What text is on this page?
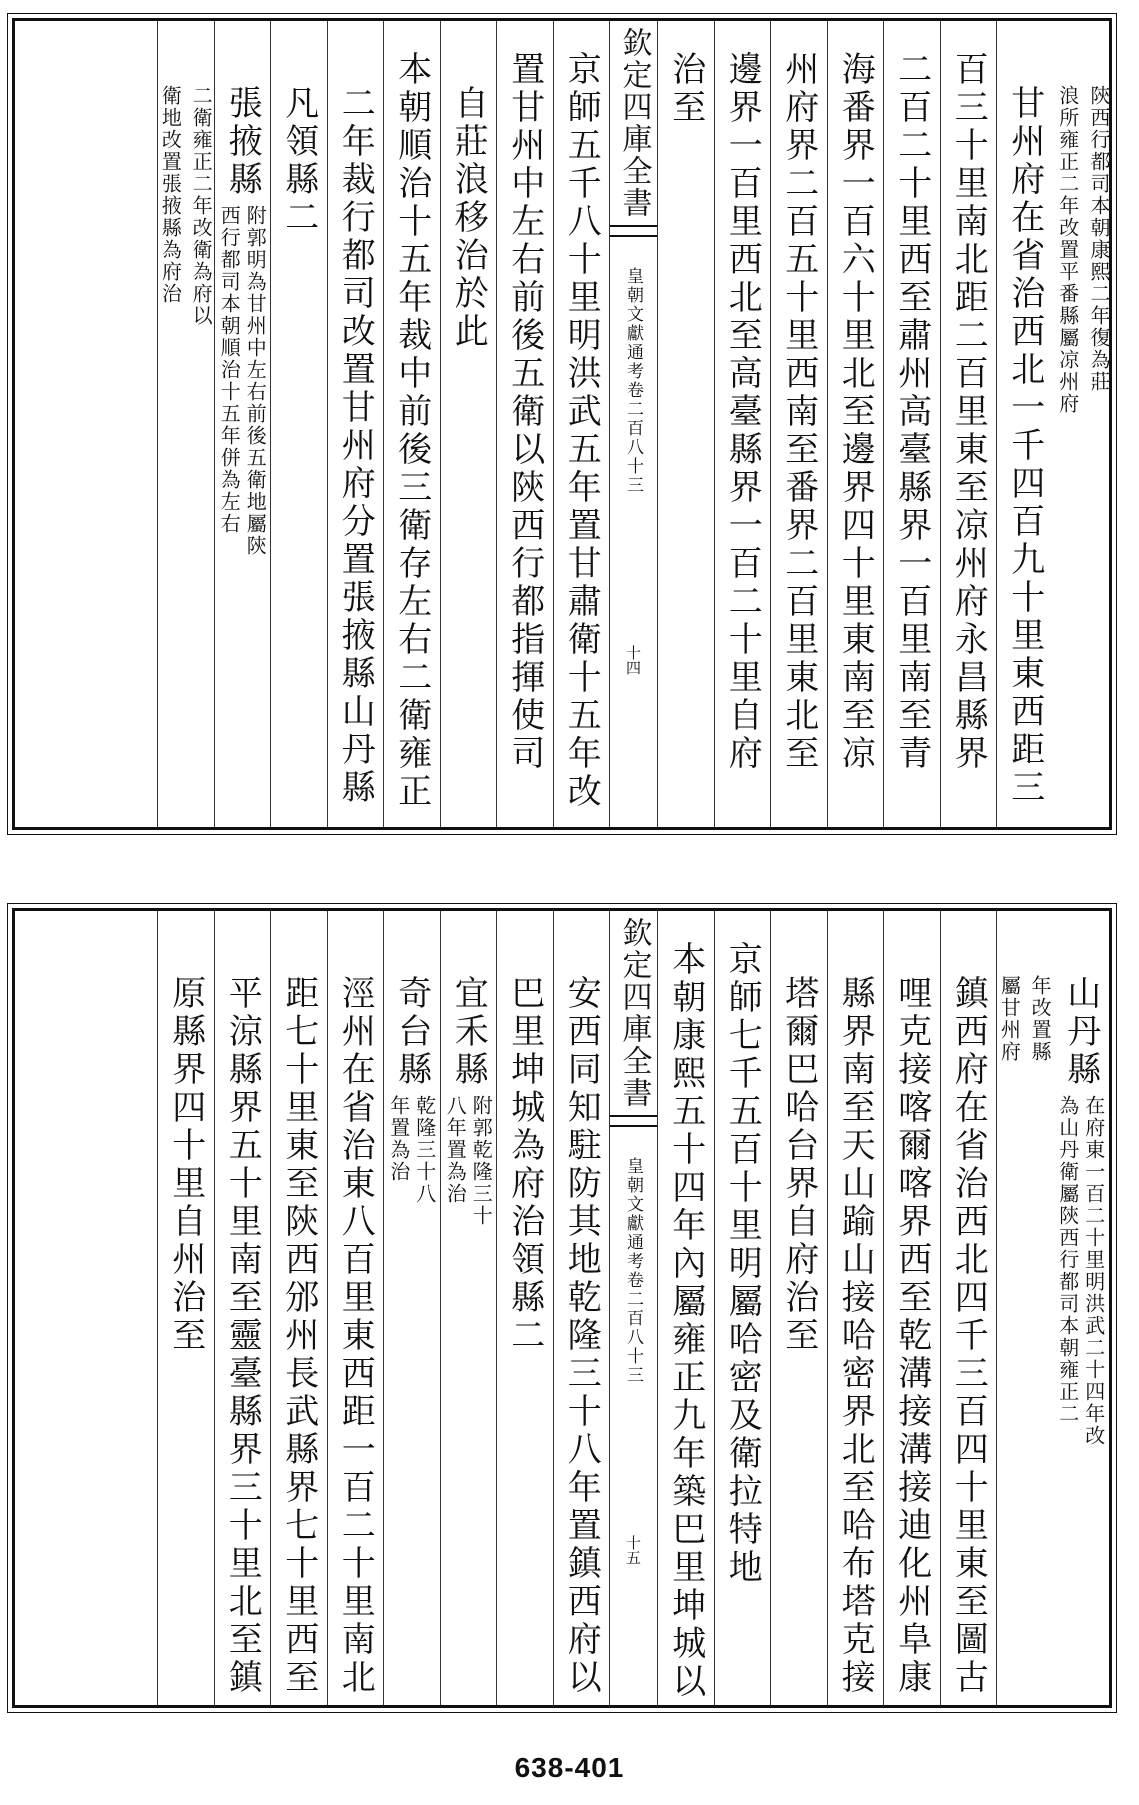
陝西行都司
本朝康熙二年復為莊
浪所雍正二年改置平番縣屬凉州府
甘州府在省治西北一千四百九十里東西距三
百三十里南北距二百里東至凉州府永昌縣界
二百二十里西至肅州高臺縣界一百里南至青
海番界一百六十里北至邊界四十里東南至凉
州府界二百五十里西南至番界二百里東北至
邊界一百里西北至高臺縣界一百二十里自府
治至
欽定四庫全書
皇朝文獻通考卷二百八十三
十四
京師五千八十里明洪武五年置甘肅衛十五年改
置甘州中左右前後五衛以陝西行都指揮使司
自莊浪移治於此
本朝順治十五年裁中前後三衛存左右二衛雍正
二年裁行都司改置甘州府分置張掖縣山丹縣
凡領縣二
張掖縣
附郭明為甘州中左右前後五衛地屬陝
西行都司本朝順治十五年併為左右
二衛雍正二年改衛為府以
衛地改置張掖縣為府治
山丹縣
在府東一百二十里明洪武二十四年改
為山丹衛屬陝西行都司本朝雍正二
年改置縣
屬甘州府
鎮西府在省治西北四千三百四十里東至圖古
哩克接喀爾喀界西至乾溝接溝接迪化州阜康
縣界南至天山踰山接哈密界北至哈布塔克接
塔爾巴哈台界自府治至
京師七千五百十里明屬哈密及衛拉特地
本朝康熙五十四年內屬雍正九年築巴里坤城以
欽定四庫全書
皇朝文獻通考卷二百八十三
十五
安西同知駐防其地乾隆三十八年置鎮西府以
巴里坤城為府治領縣二
宜禾縣
附郭乾隆三十
八年置為治
奇台縣
乾隆三十八
年置為治
涇州在省治東八百里東西距一百二十里南北
距七十里東至陝西邠州長武縣界七十里西至
平涼縣界五十里南至靈臺縣界三十里北至鎮
原縣界四十里自州治至
638-401
